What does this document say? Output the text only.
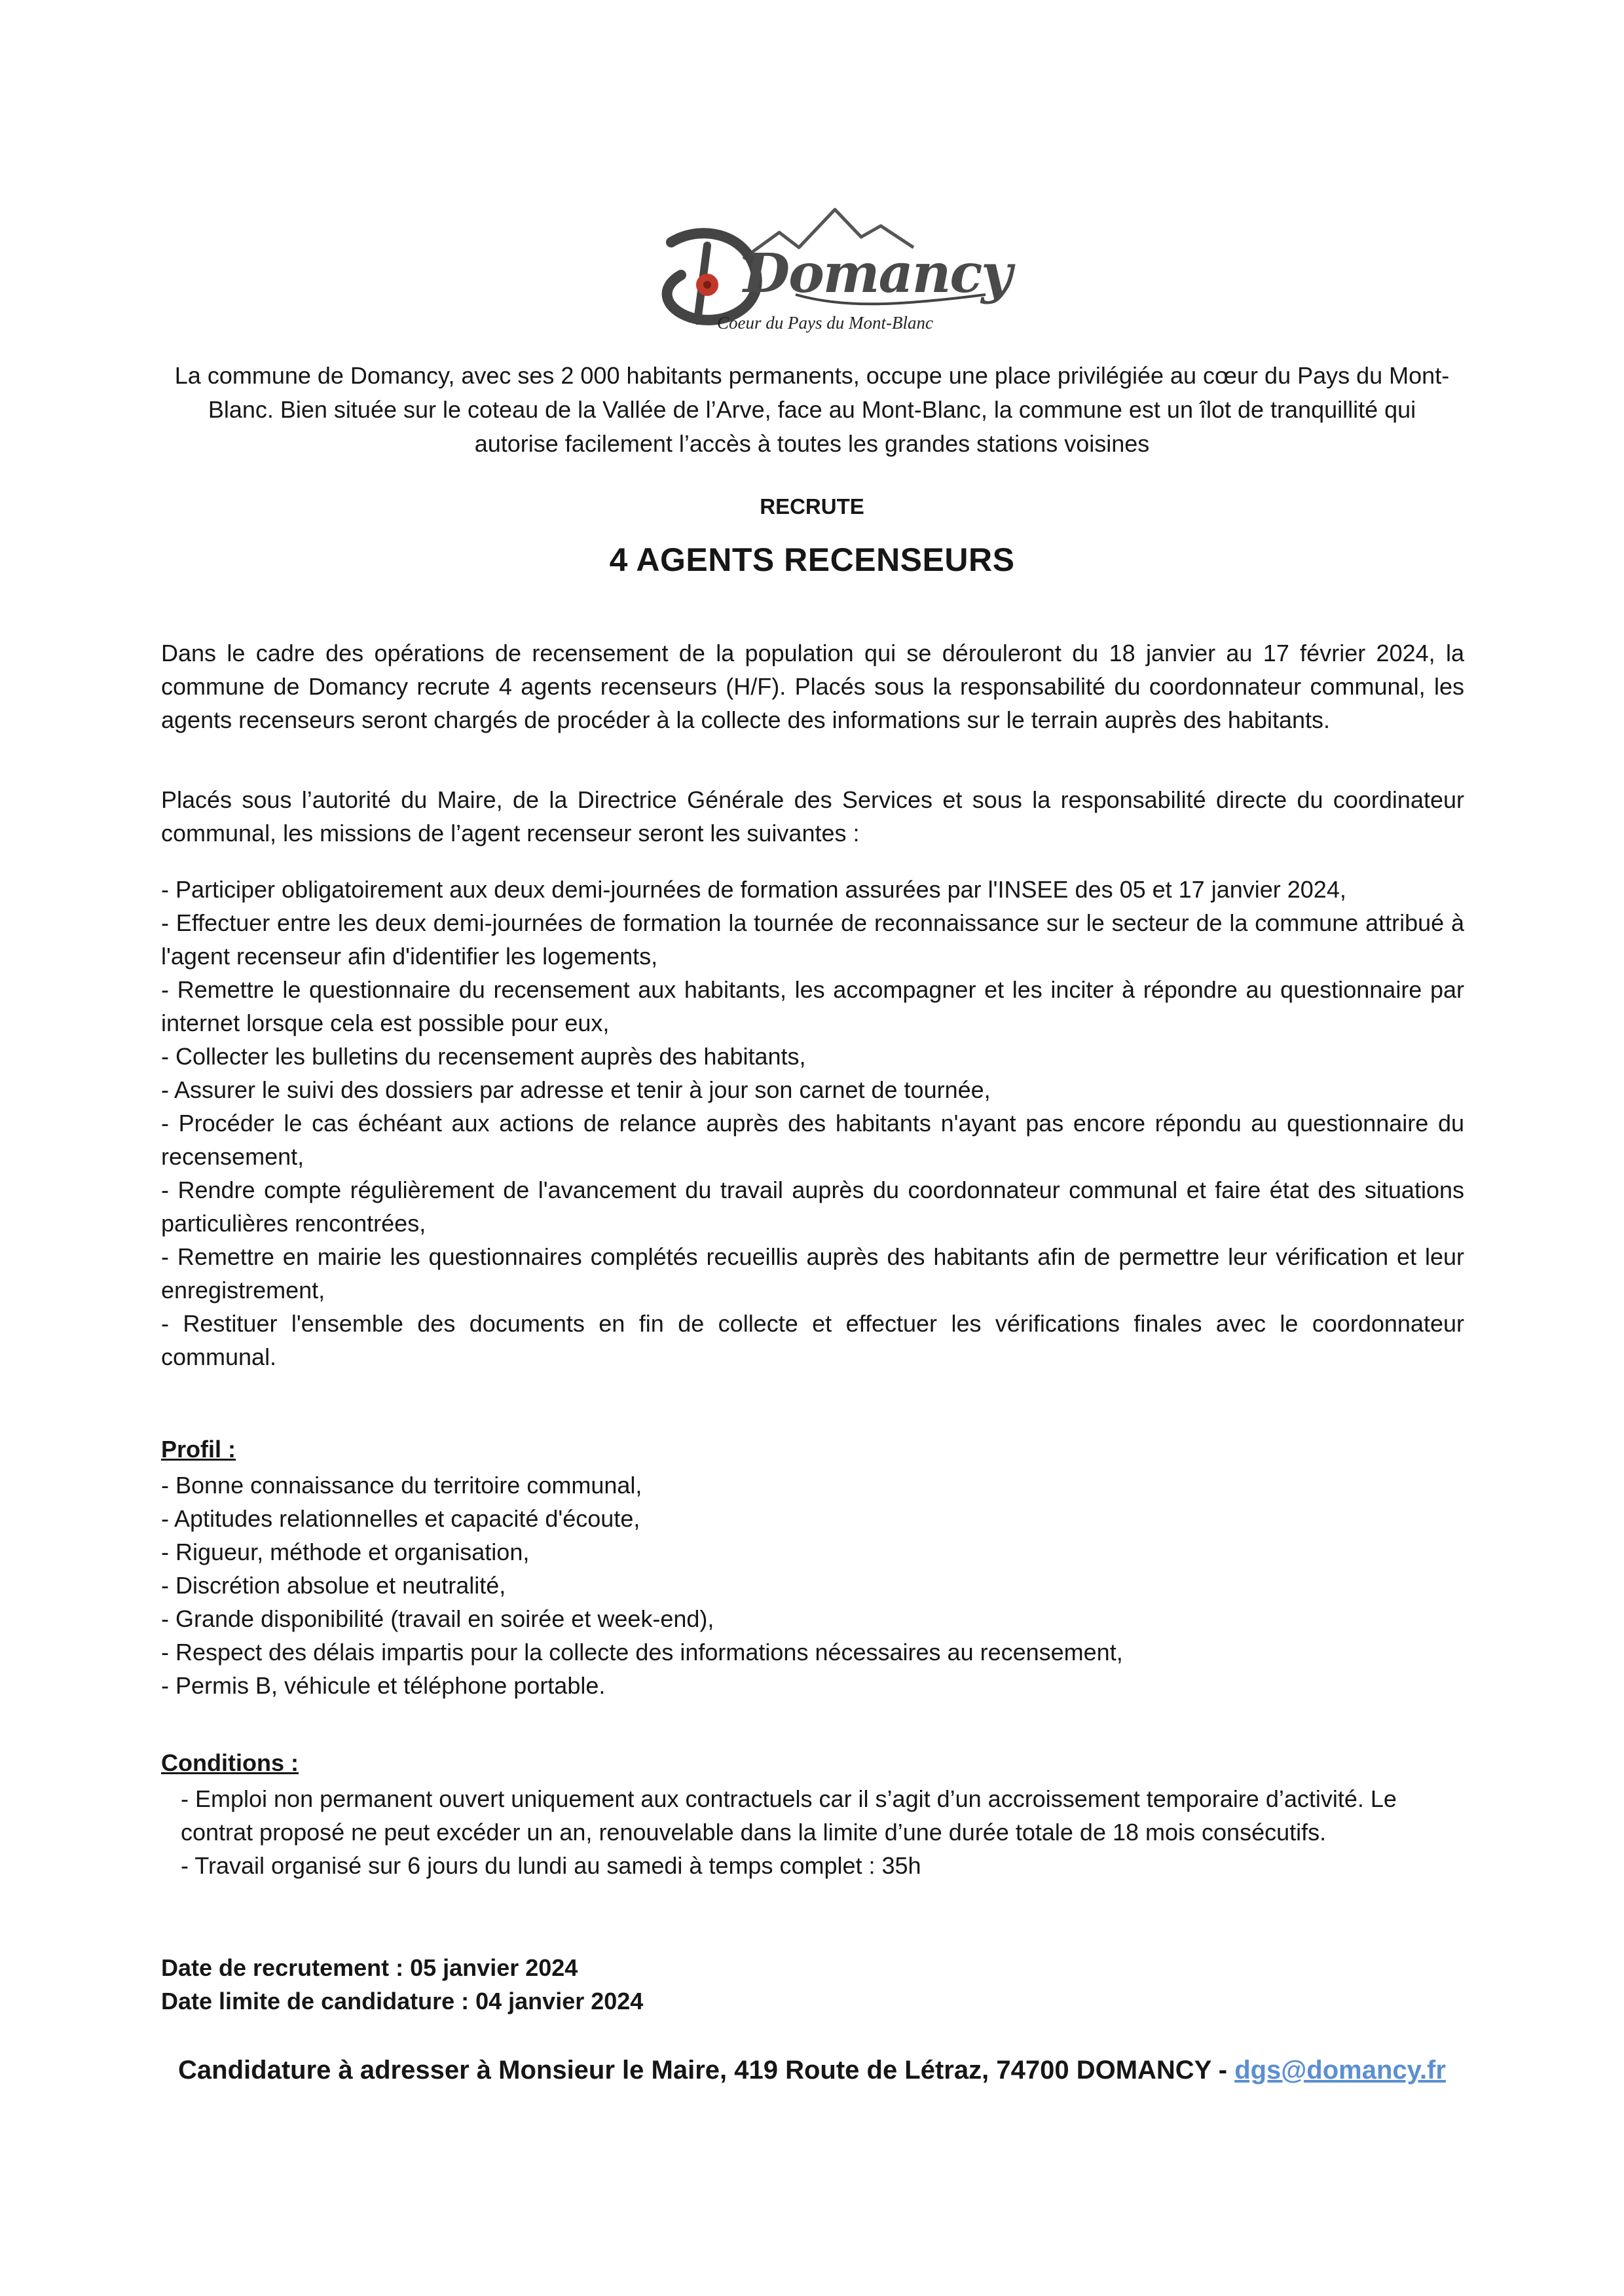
Domancy
Coeur du Pays du Mont-Blanc
La commune de Domancy, avec ses 2 000 habitants permanents, occupe une place privilégiée au cœur du Pays du Mont-Blanc. Bien située sur le coteau de la Vallée de l’Arve, face au Mont-Blanc, la commune est un îlot de tranquillité qui autorise facilement l’accès à toutes les grandes stations voisines
RECRUTE
4 AGENTS RECENSEURS
Dans le cadre des opérations de recensement de la population qui se dérouleront du 18 janvier au 17 février 2024, la commune de Domancy recrute 4 agents recenseurs (H/F). Placés sous la responsabilité du coordonnateur communal, les agents recenseurs seront chargés de procéder à la collecte des informations sur le terrain auprès des habitants.
Placés sous l’autorité du Maire, de la Directrice Générale des Services et sous la responsabilité directe du coordinateur communal, les missions de l’agent recenseur seront les suivantes :
- Participer obligatoirement aux deux demi-journées de formation assurées par l'INSEE des 05 et 17 janvier 2024,
- Effectuer entre les deux demi-journées de formation la tournée de reconnaissance sur le secteur de la commune attribué à l'agent recenseur afin d'identifier les logements,
- Remettre le questionnaire du recensement aux habitants, les accompagner et les inciter à répondre au questionnaire par internet lorsque cela est possible pour eux,
- Collecter les bulletins du recensement auprès des habitants,
- Assurer le suivi des dossiers par adresse et tenir à jour son carnet de tournée,
- Procéder le cas échéant aux actions de relance auprès des habitants n'ayant pas encore répondu au questionnaire du recensement,
- Rendre compte régulièrement de l'avancement du travail auprès du coordonnateur communal et faire état des situations particulières rencontrées,
- Remettre en mairie les questionnaires complétés recueillis auprès des habitants afin de permettre leur vérification et leur enregistrement,
- Restituer l'ensemble des documents en fin de collecte et effectuer les vérifications finales avec le coordonnateur communal.
Profil :
- Bonne connaissance du territoire communal,
- Aptitudes relationnelles et capacité d'écoute,
- Rigueur, méthode et organisation,
- Discrétion absolue et neutralité,
- Grande disponibilité (travail en soirée et week-end),
- Respect des délais impartis pour la collecte des informations nécessaires au recensement,
- Permis B, véhicule et téléphone portable.
Conditions :
- Emploi non permanent ouvert uniquement aux contractuels car il s’agit d’un accroissement temporaire d’activité. Le contrat proposé ne peut excéder un an, renouvelable dans la limite d’une durée totale de 18 mois consécutifs.
- Travail organisé sur 6 jours du lundi au samedi à temps complet : 35h
Date de recrutement : 05 janvier 2024
Date limite de candidature : 04 janvier 2024
Candidature à adresser à Monsieur le Maire, 419 Route de Létraz, 74700 DOMANCY - dgs@domancy.fr
